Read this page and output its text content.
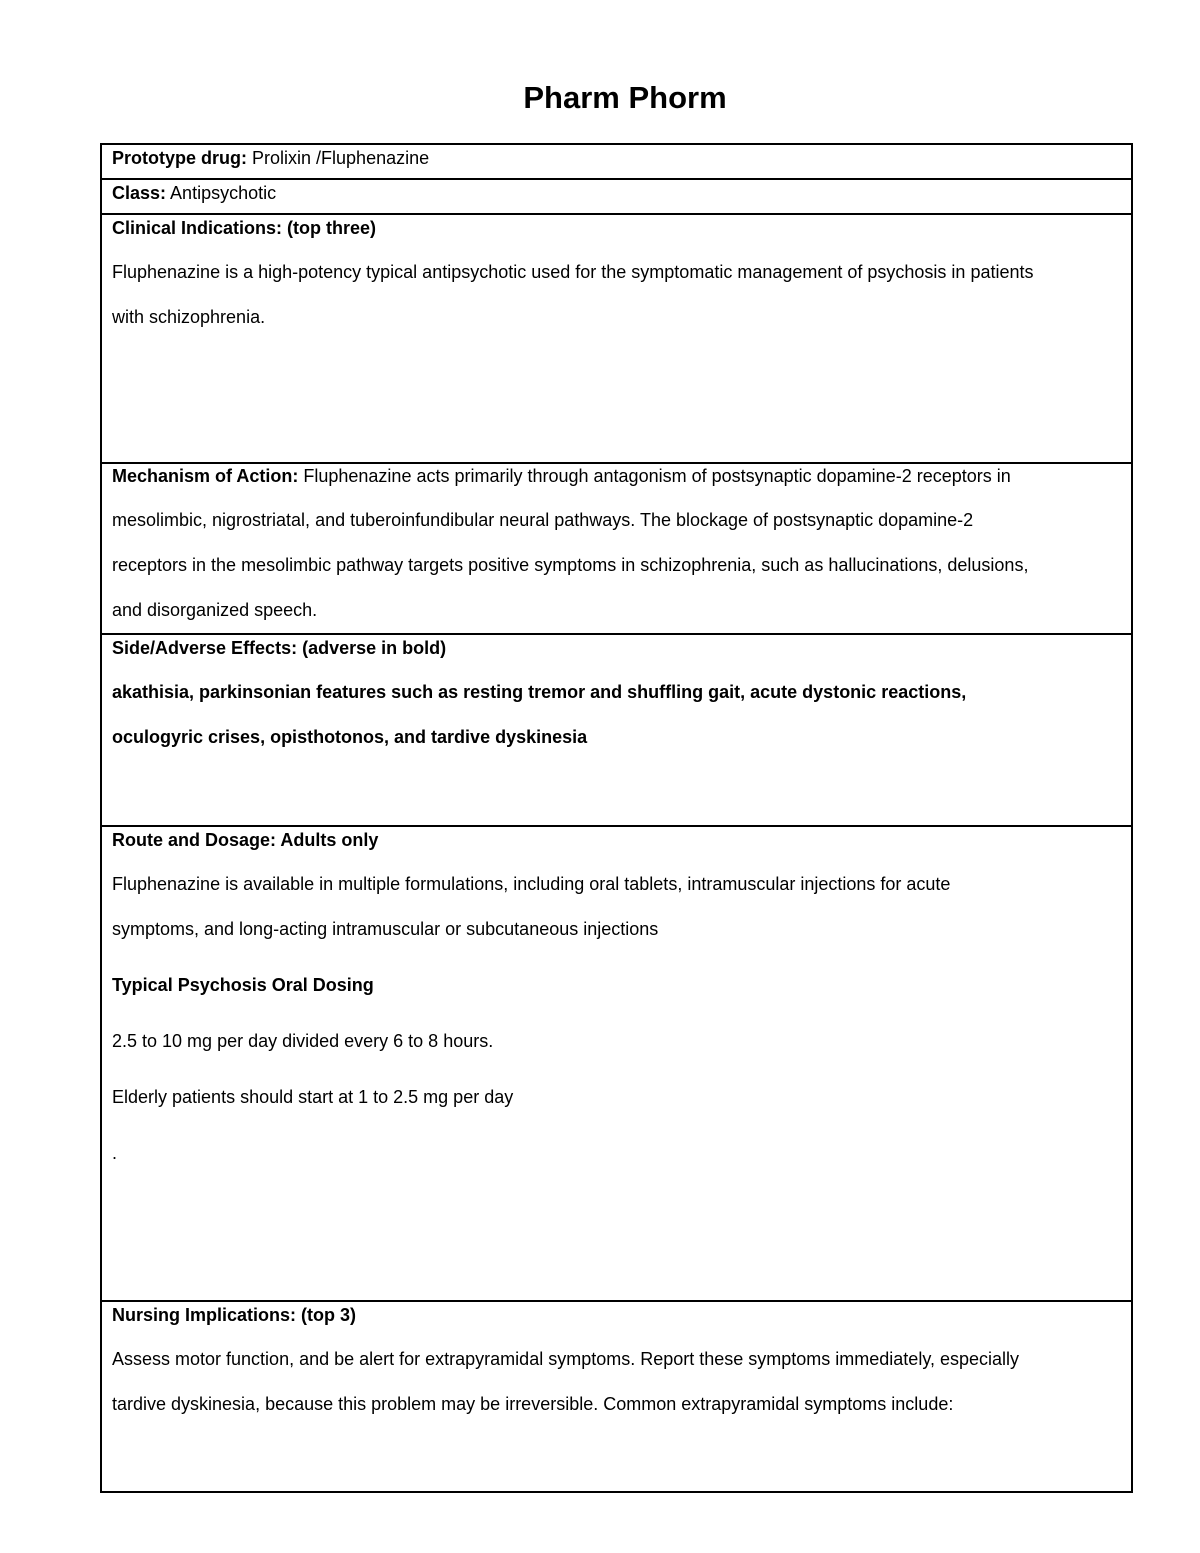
Pharm Phorm

Prototype drug: Prolixin /Fluphenazine

Class: Antipsychotic

Clinical Indications: (top three)

Fluphenazine is a high-potency typical antipsychotic used for the symptomatic management of psychosis in patients

with schizophrenia.

Mechanism of Action: Fluphenazine acts primarily through antagonism of postsynaptic dopamine-2 receptors in

mesolimbic, nigrostriatal, and tuberoinfundibular neural pathways. The blockage of postsynaptic dopamine-2

receptors in the mesolimbic pathway targets positive symptoms in schizophrenia, such as hallucinations, delusions,

and disorganized speech.

Side/Adverse Effects: (adverse in bold)

akathisia, parkinsonian features such as resting tremor and shuffling gait, acute dystonic reactions,

oculogyric crises, opisthotonos, and tardive dyskinesia

Route and Dosage: Adults only

Fluphenazine is available in multiple formulations, including oral tablets, intramuscular injections for acute

symptoms, and long-acting intramuscular or subcutaneous injections

Typical Psychosis Oral Dosing

2.5 to 10 mg per day divided every 6 to 8 hours.

Elderly patients should start at 1 to 2.5 mg per day

.

Nursing Implications: (top 3)

Assess motor function, and be alert for extrapyramidal symptoms. Report these symptoms immediately, especially

tardive dyskinesia, because this problem may be irreversible. Common extrapyramidal symptoms include:
